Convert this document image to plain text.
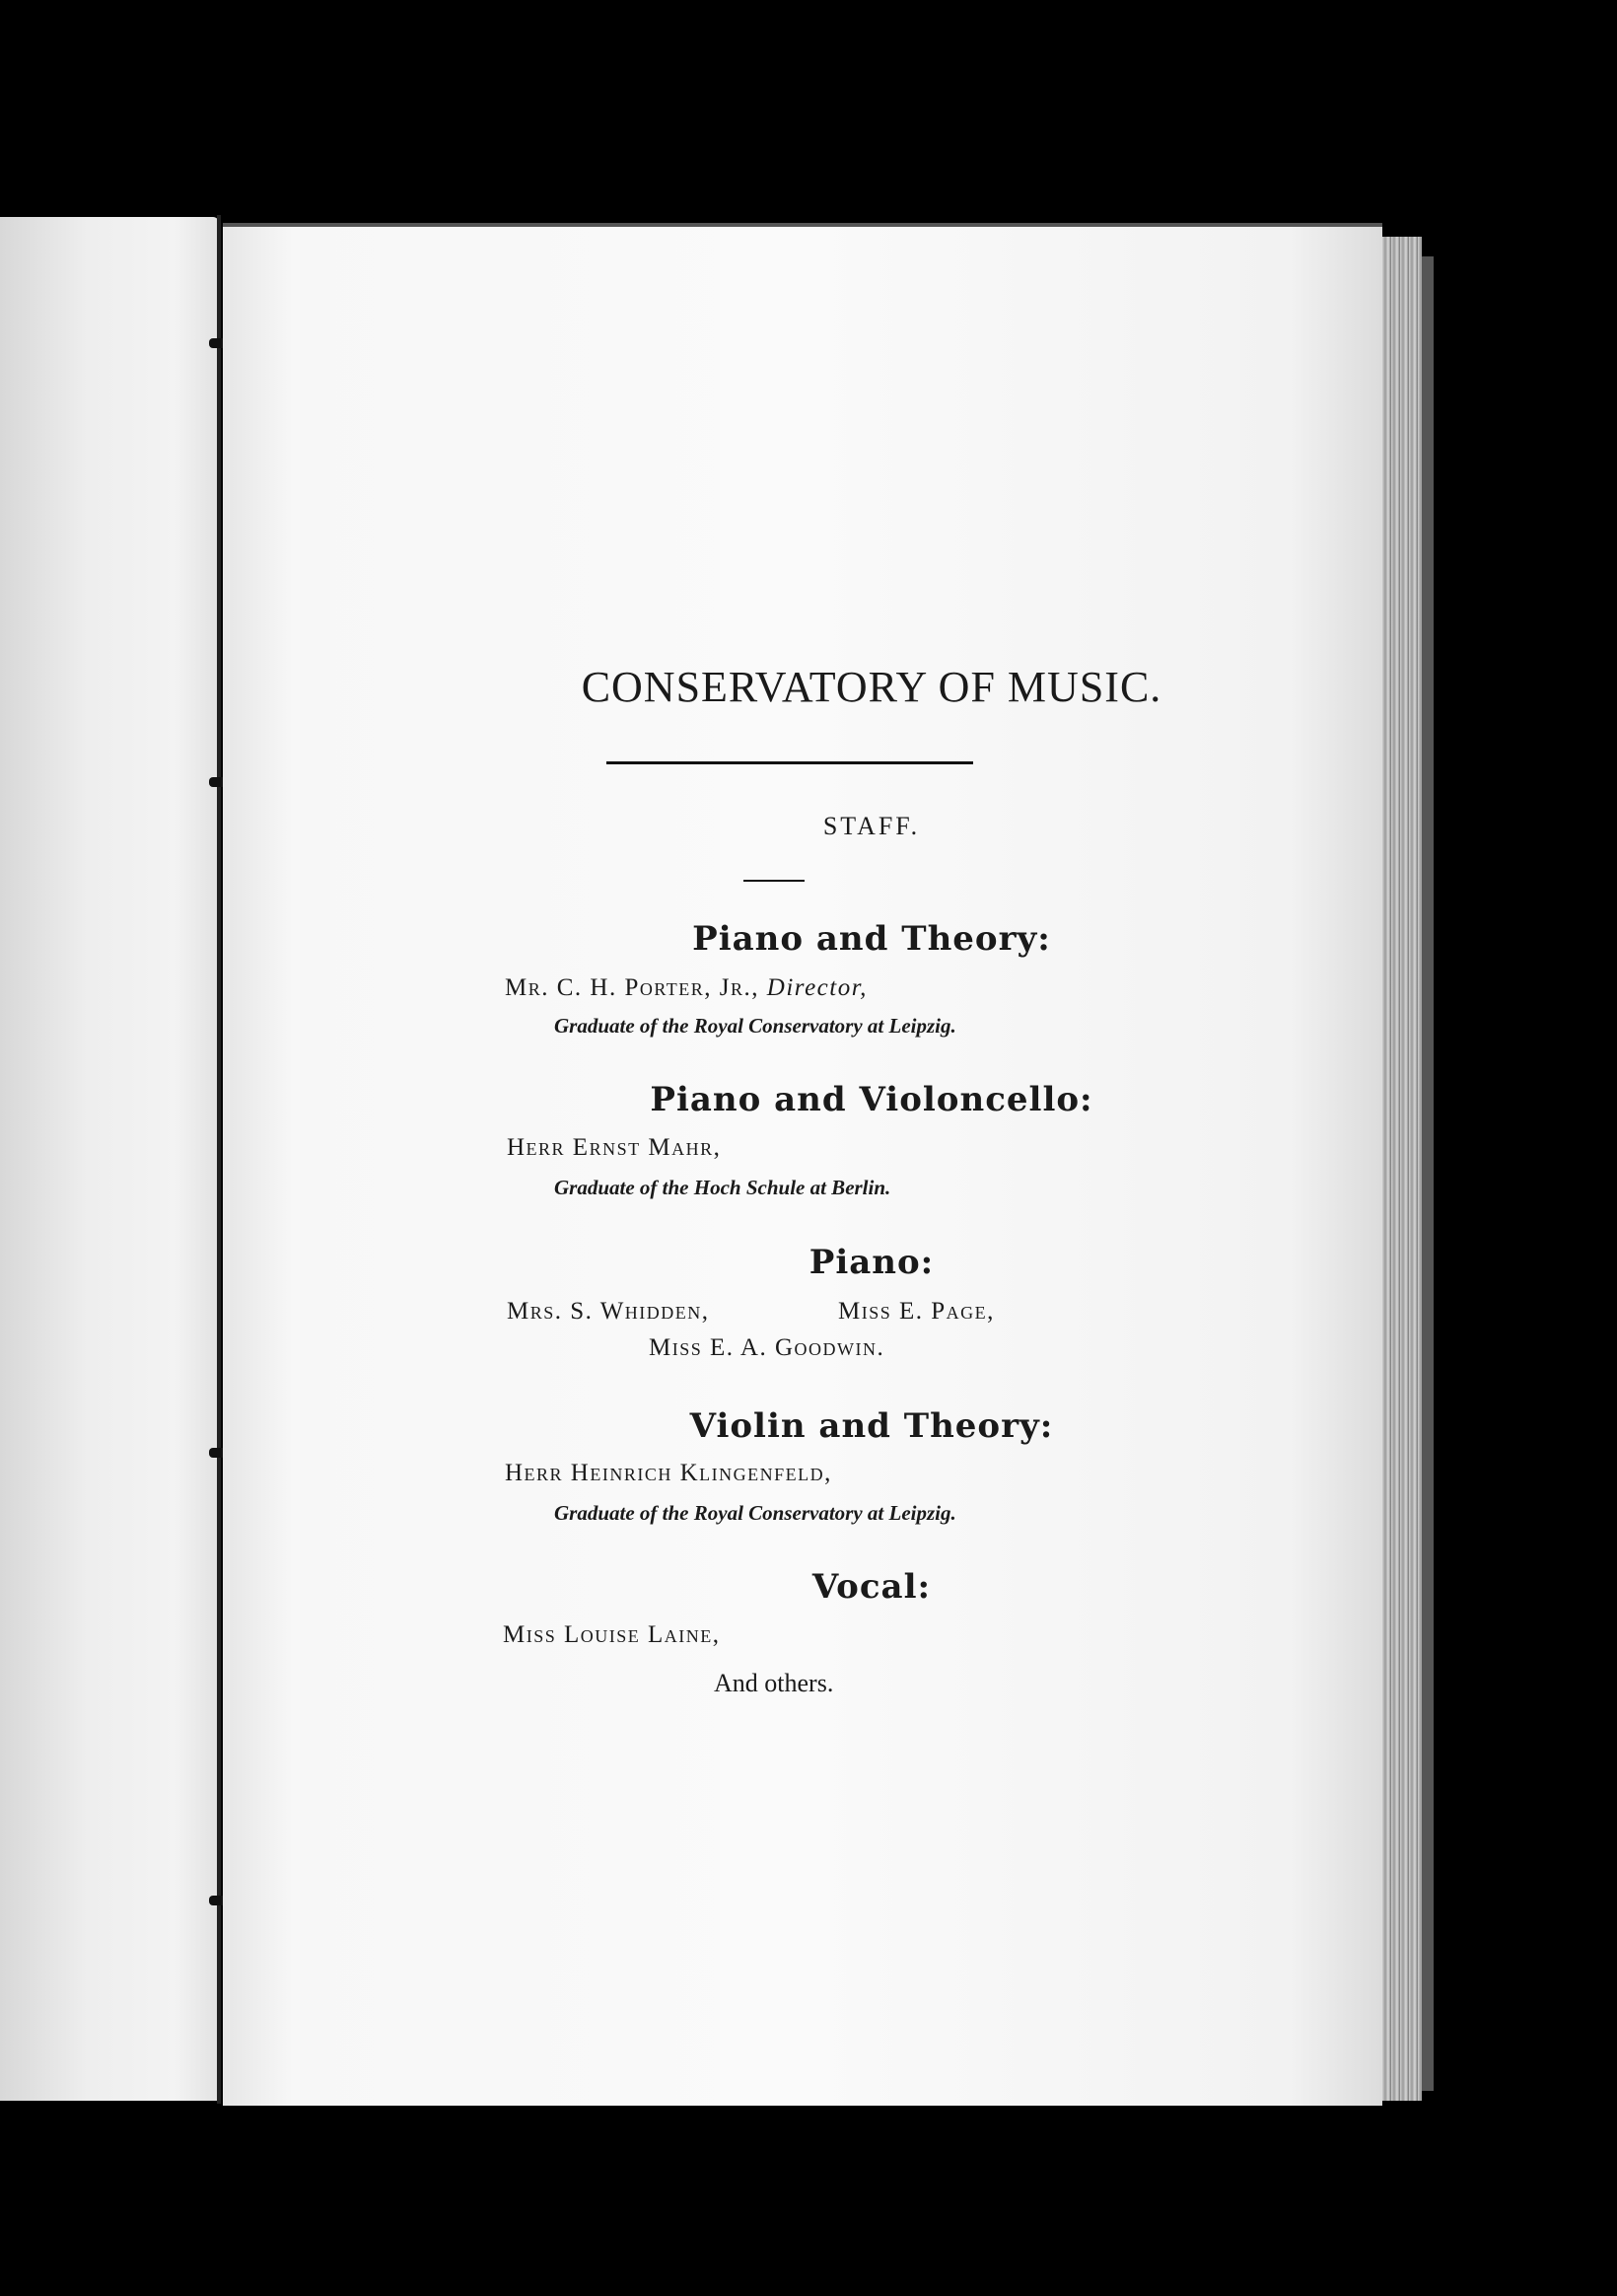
CONSERVATORY OF MUSIC.
STAFF.
Piano and Theory:
Mr. C. H. Porter, Jr., Director,
Graduate of the Royal Conservatory at Leipzig.
Piano and Violoncello:
Herr Ernst Mahr,
Graduate of the Hoch Schule at Berlin.
Piano:
Mrs. S. Whidden,	Miss E. Page,
Miss E. A. Goodwin.
Violin and Theory:
Herr Heinrich Klingenfeld,
Graduate of the Royal Conservatory at Leipzig.
Vocal:
Miss Louise Laine,
And others.
